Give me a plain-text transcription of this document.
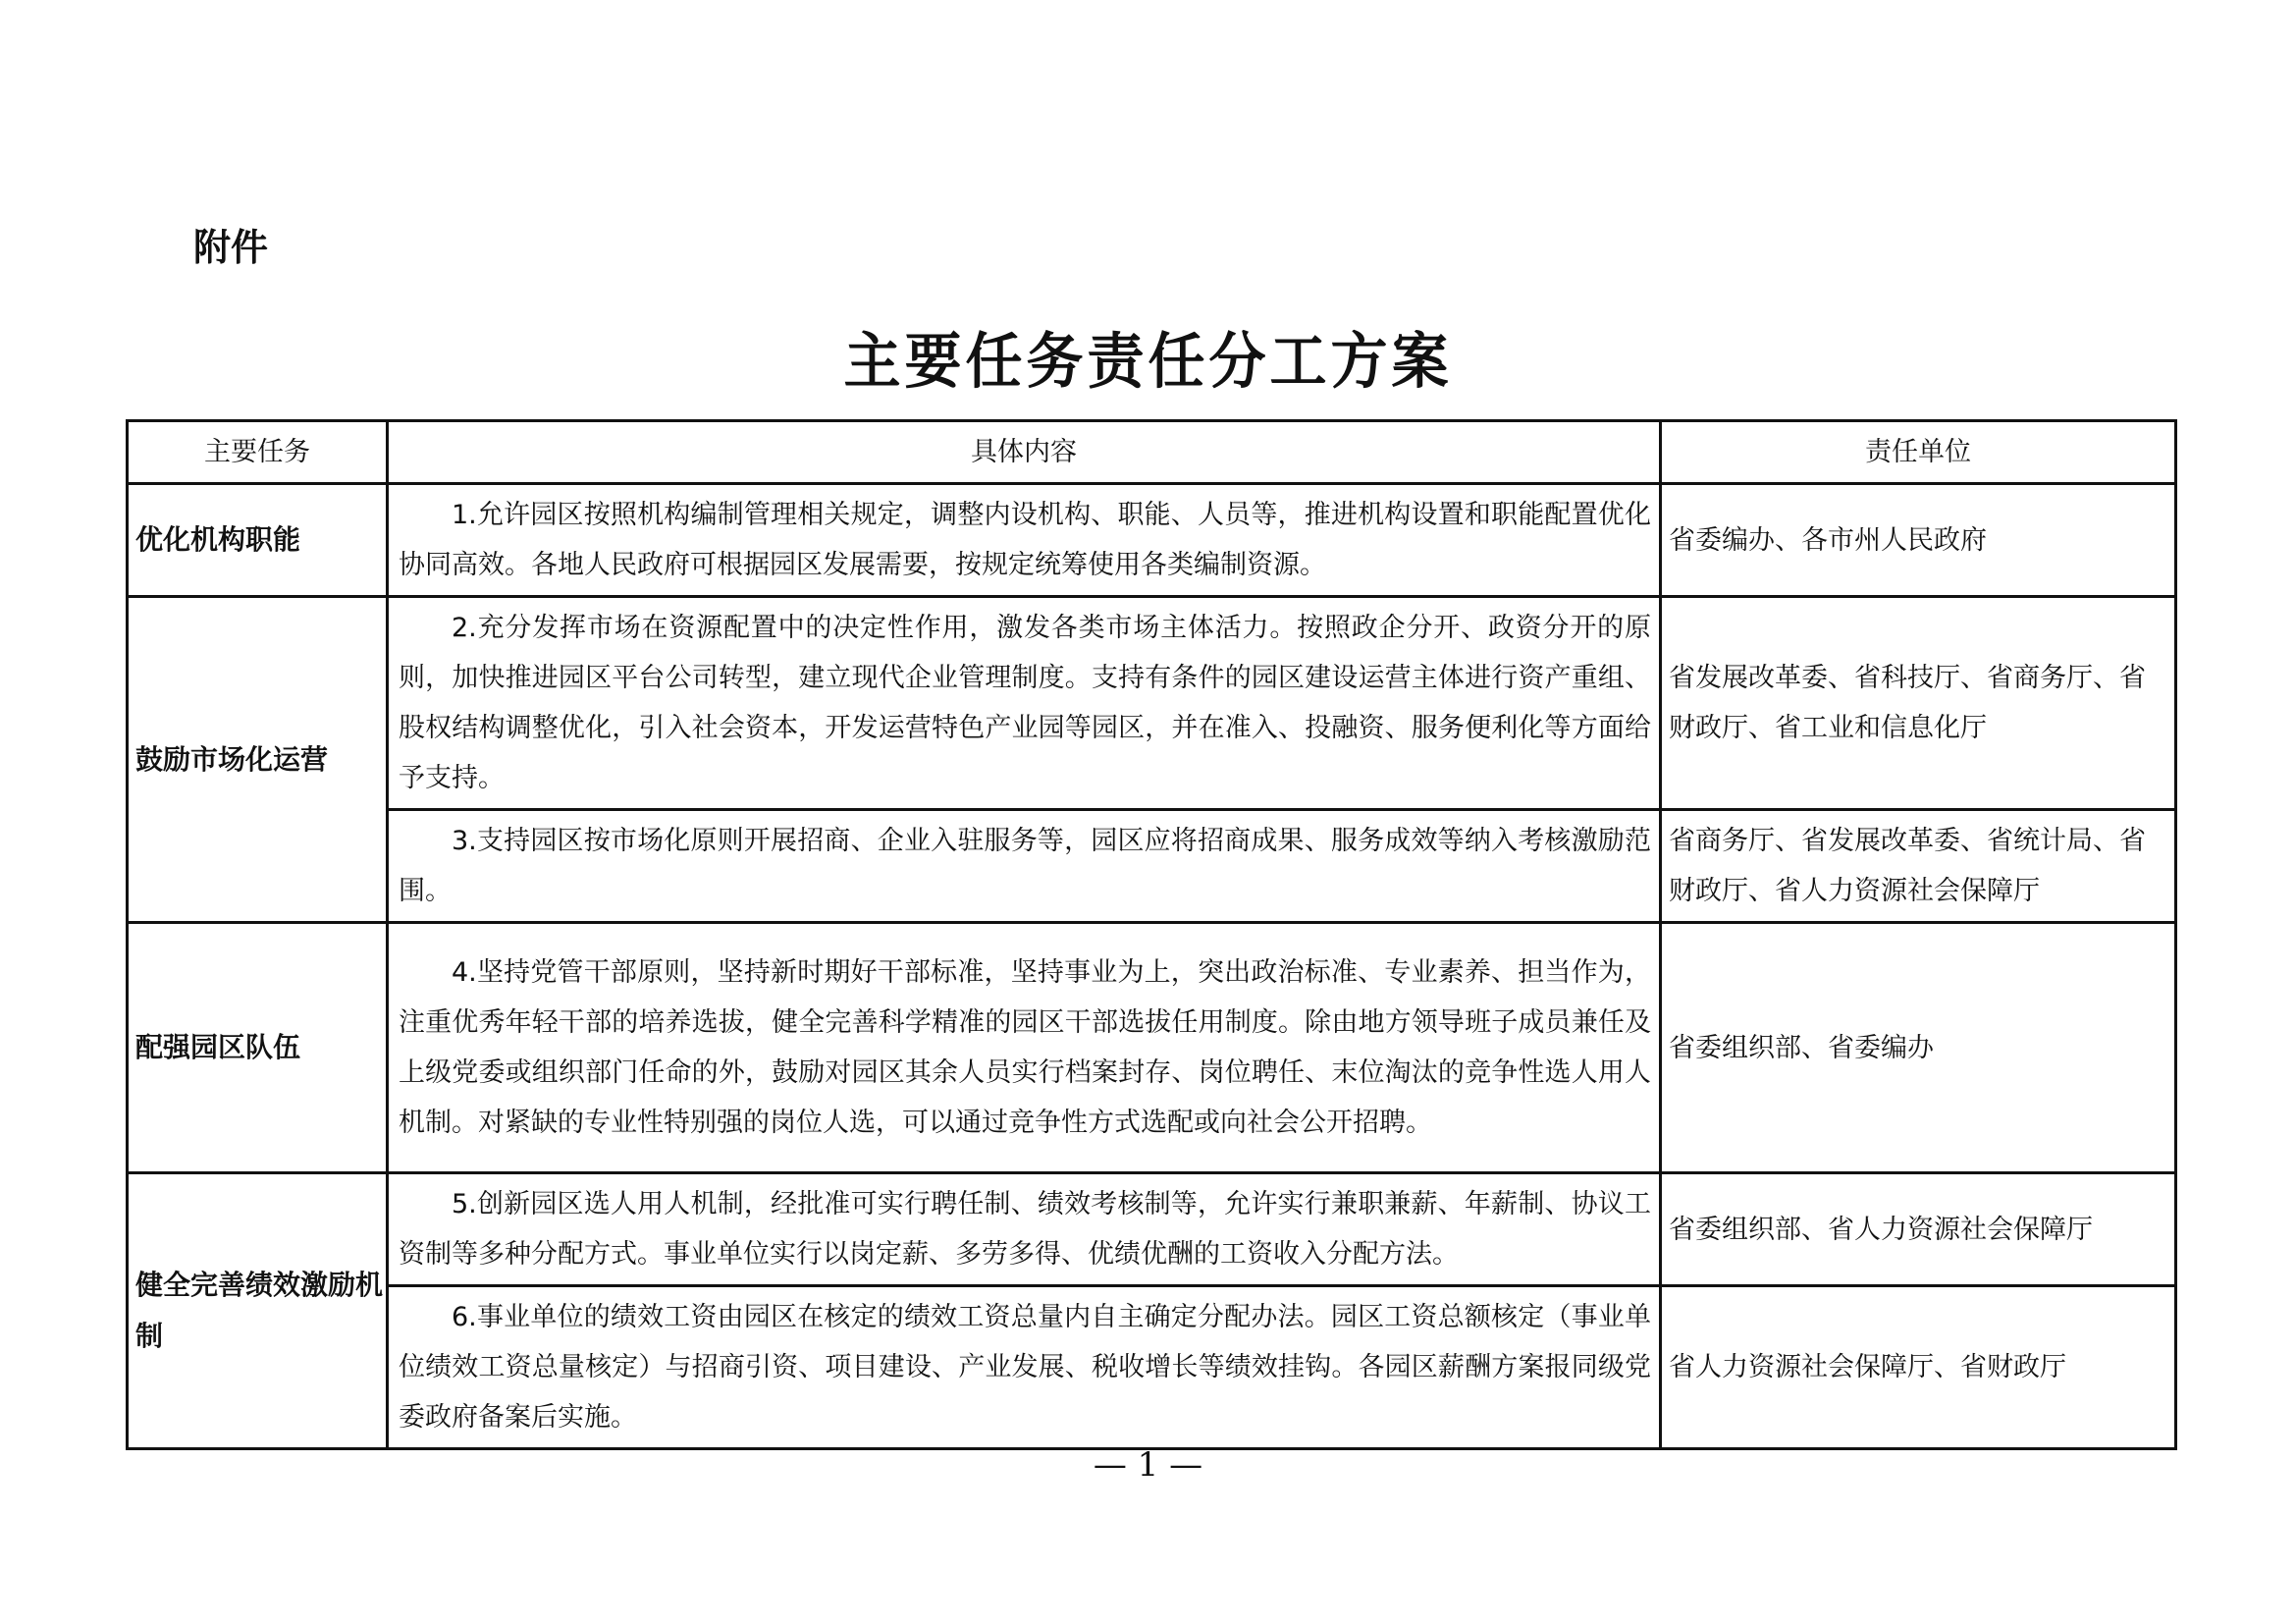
附件
主要任务责任分工方案
主要任务	具体内容	责任单位
优化机构职能	1.允许园区按照机构编制管理相关规定，调整内设机构、职能、人员等，推进机构设置和职能配置优化协同高效。各地人民政府可根据园区发展需要，按规定统筹使用各类编制资源。	省委编办、各市州人民政府
鼓励市场化运营	2.充分发挥市场在资源配置中的决定性作用，激发各类市场主体活力。按照政企分开、政资分开的原则，加快推进园区平台公司转型，建立现代企业管理制度。支持有条件的园区建设运营主体进行资产重组、股权结构调整优化，引入社会资本，开发运营特色产业园等园区，并在准入、投融资、服务便利化等方面给予支持。	省发展改革委、省科技厅、省商务厅、省财政厅、省工业和信息化厅

	3.支持园区按市场化原则开展招商、企业入驻服务等，园区应将招商成果、服务成效等纳入考核激励范围。	省商务厅、省发展改革委、省统计局、省财政厅、省人力资源社会保障厅
配强园区队伍	4.坚持党管干部原则，坚持新时期好干部标准，坚持事业为上，突出政治标准、专业素养、担当作为，注重优秀年轻干部的培养选拔，健全完善科学精准的园区干部选拔任用制度。除由地方领导班子成员兼任及上级党委或组织部门任命的外，鼓励对园区其余人员实行档案封存、岗位聘任、末位淘汰的竞争性选人用人机制。对紧缺的专业性特别强的岗位人选，可以通过竞争性方式选配或向社会公开招聘。	省委组织部、省委编办
健全完善绩效激励机制	5.创新园区选人用人机制，经批准可实行聘任制、绩效考核制等，允许实行兼职兼薪、年薪制、协议工资制等多种分配方式。事业单位实行以岗定薪、多劳多得、优绩优酬的工资收入分配方法。	省委组织部、省人力资源社会保障厅

	6.事业单位的绩效工资由园区在核定的绩效工资总量内自主确定分配办法。园区工资总额核定（事业单位绩效工资总量核定）与招商引资、项目建设、产业发展、税收增长等绩效挂钩。各园区薪酬方案报同级党委政府备案后实施。	省人力资源社会保障厅、省财政厅
— 1 —
